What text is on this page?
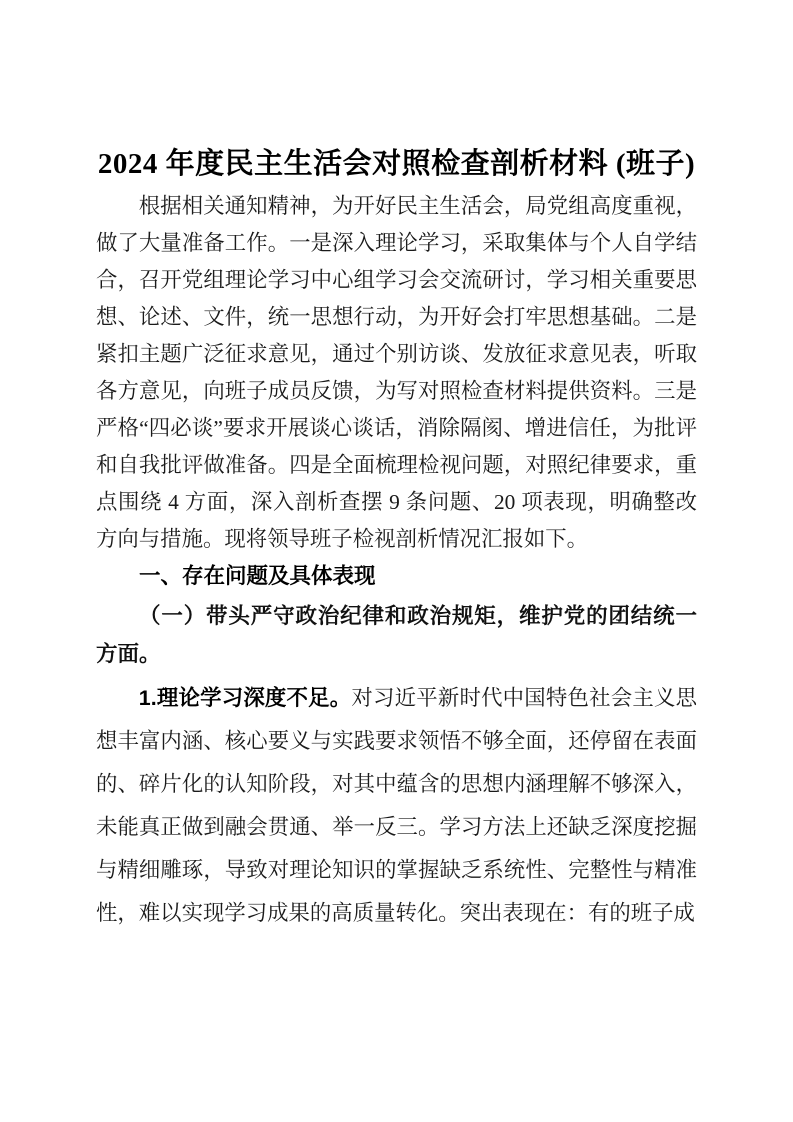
2024 年度民主生活会对照检查剖析材料 (班子)

根据相关通知精神，为开好民主生活会，局党组高度重视，做了大量准备工作。一是深入理论学习，采取集体与个人自学结合，召开党组理论学习中心组学习会交流研讨，学习相关重要思想、论述、文件，统一思想行动，为开好会打牢思想基础。二是紧扣主题广泛征求意见，通过个别访谈、发放征求意见表，听取各方意见，向班子成员反馈，为写对照检查材料提供资料。三是严格“四必谈”要求开展谈心谈话，消除隔阂、增进信任，为批评和自我批评做准备。四是全面梳理检视问题，对照纪律要求，重点围绕 4 方面，深入剖析查摆 9 条问题、20 项表现，明确整改方向与措施。现将领导班子检视剖析情况汇报如下。

一、存在问题及具体表现

（一）带头严守政治纪律和政治规矩，维护党的团结统一方面。

1.理论学习深度不足。对习近平新时代中国特色社会主义思想丰富内涵、核心要义与实践要求领悟不够全面，还停留在表面的、碎片化的认知阶段，对其中蕴含的思想内涵理解不够深入，未能真正做到融会贯通、举一反三。学习方法上还缺乏深度挖掘与精细雕琢，导致对理论知识的掌握缺乏系统性、完整性与精准性，难以实现学习成果的高质量转化。突出表现在：有的班子成
